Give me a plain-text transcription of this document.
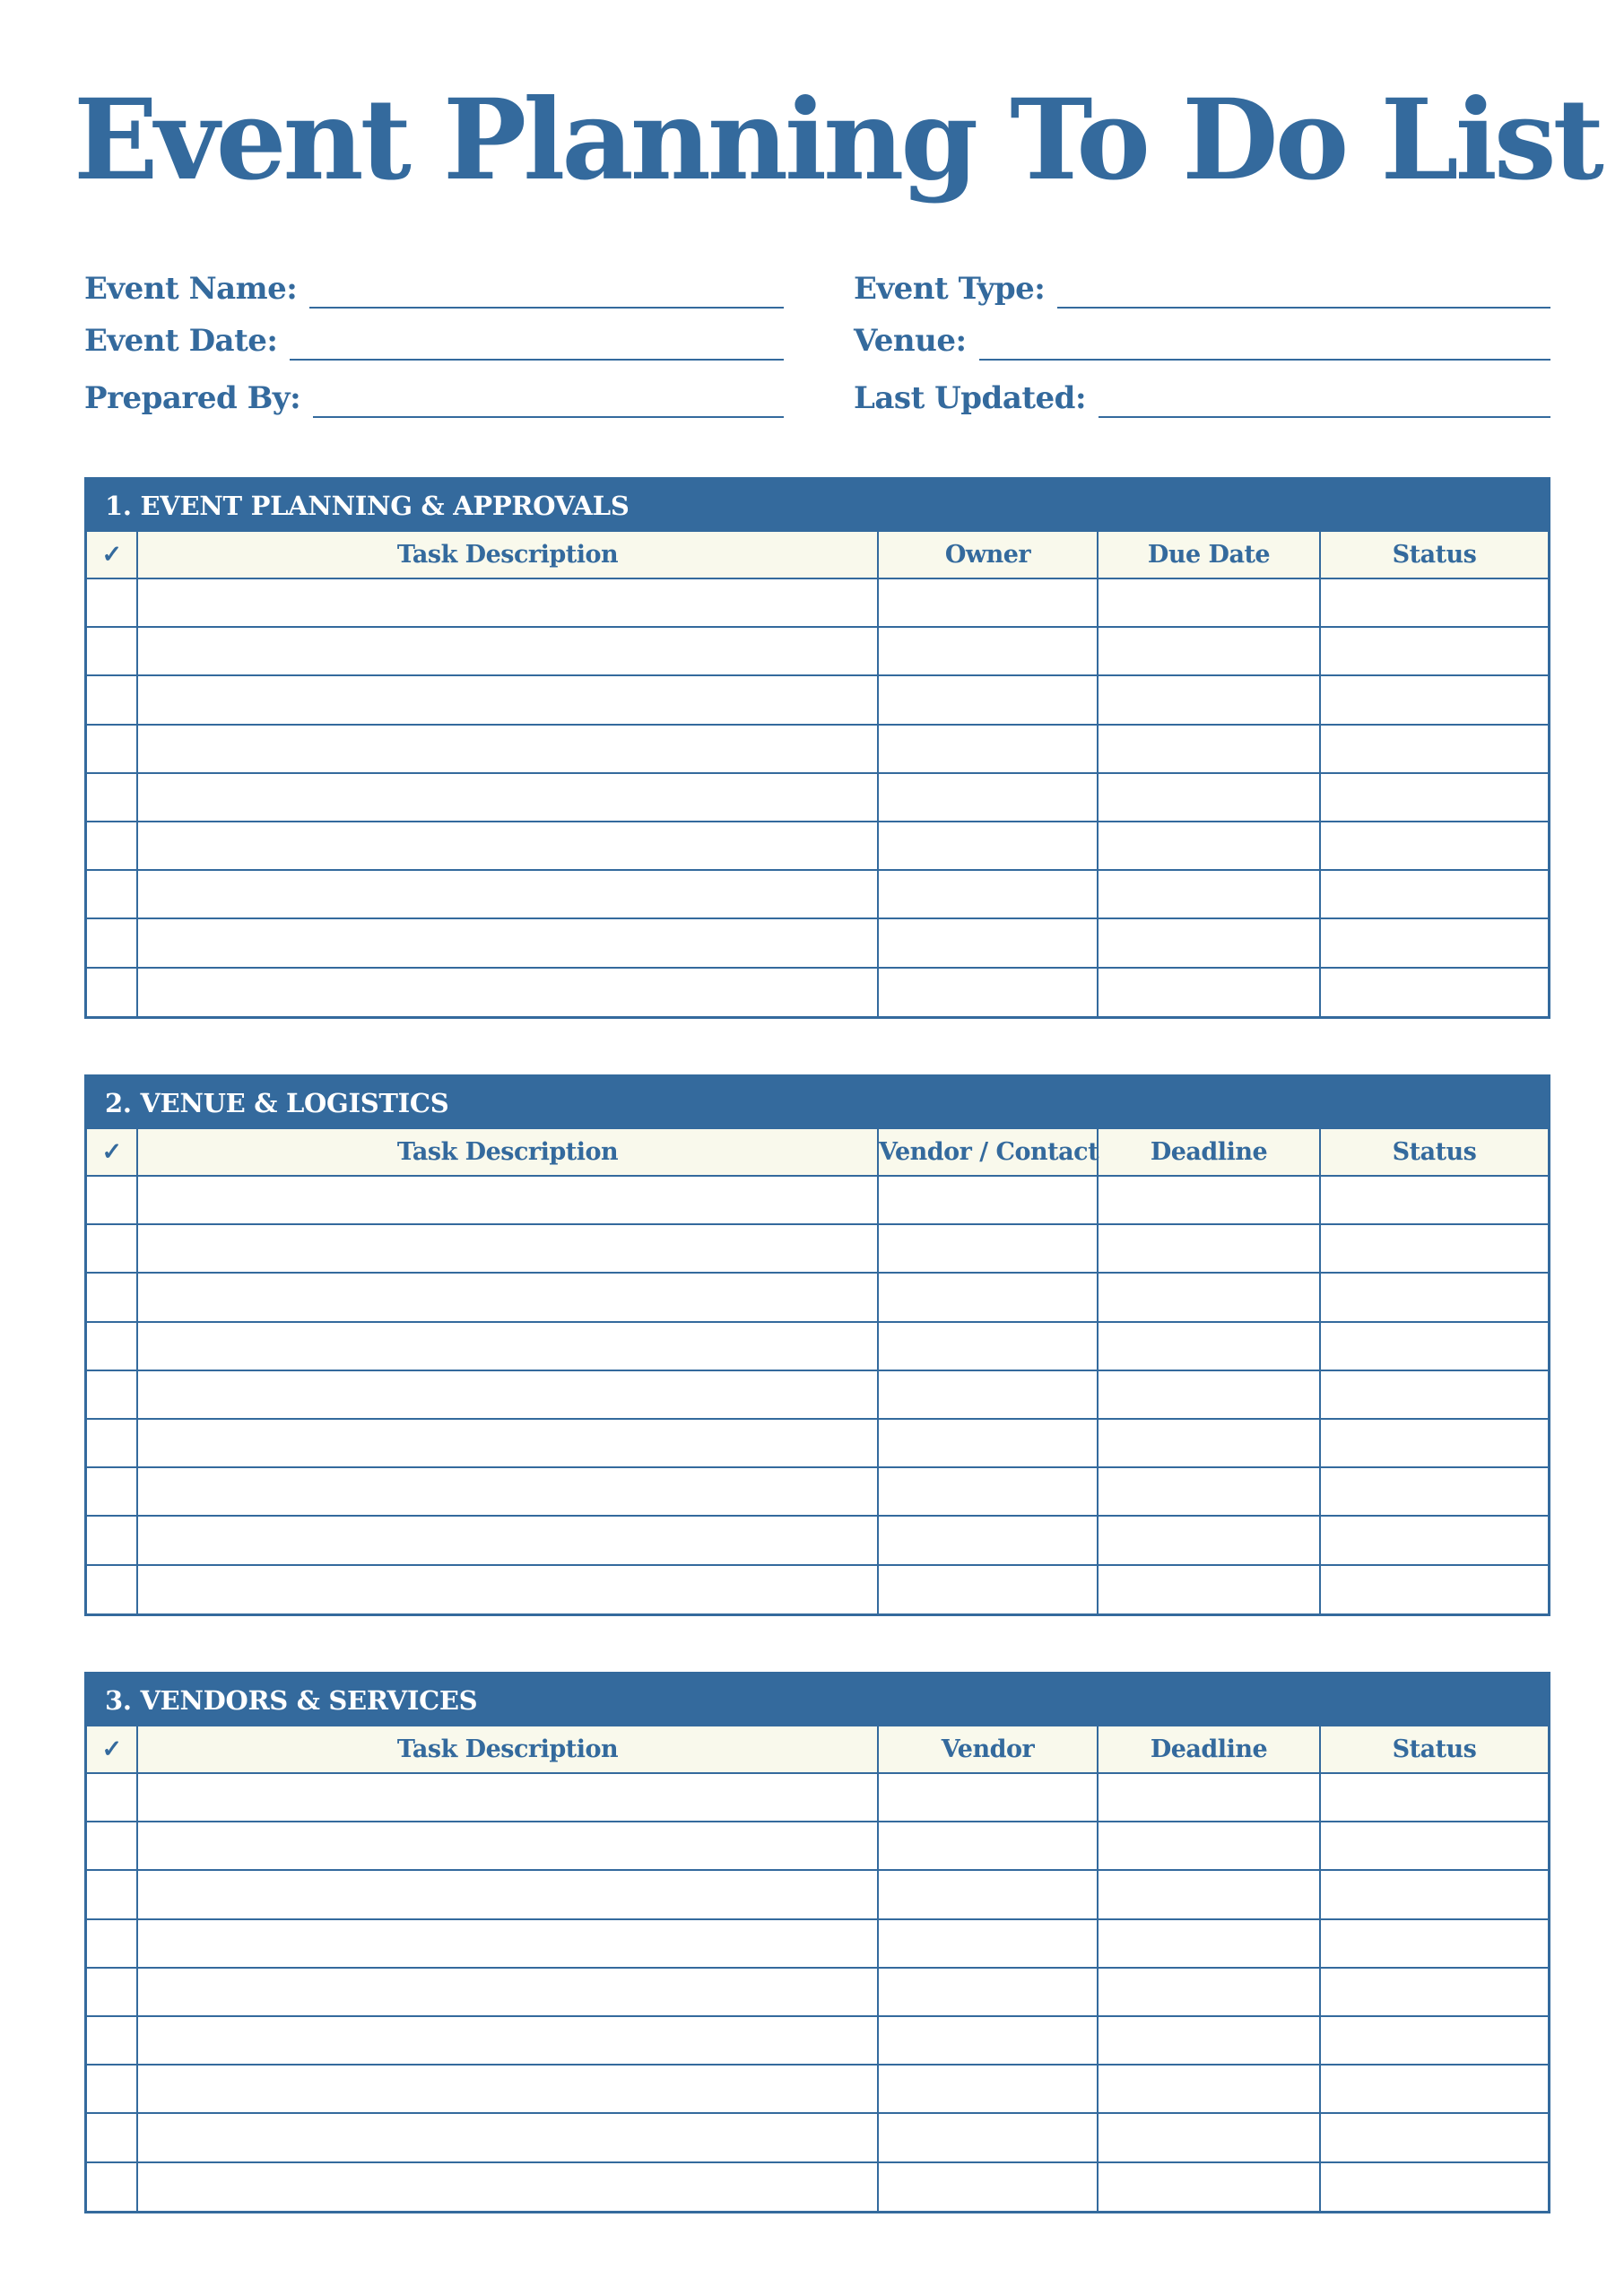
Event Planning To Do List
Event Name:	Event Type:
Event Date:	Venue:
Prepared By:	Last Updated:
1. EVENT PLANNING & APPROVALS
✓	Task Description	Owner	Due Date	Status

2. VENUE & LOGISTICS
✓	Task Description	Vendor / Contact	Deadline	Status

3. VENDORS & SERVICES
✓	Task Description	Vendor	Deadline	Status
